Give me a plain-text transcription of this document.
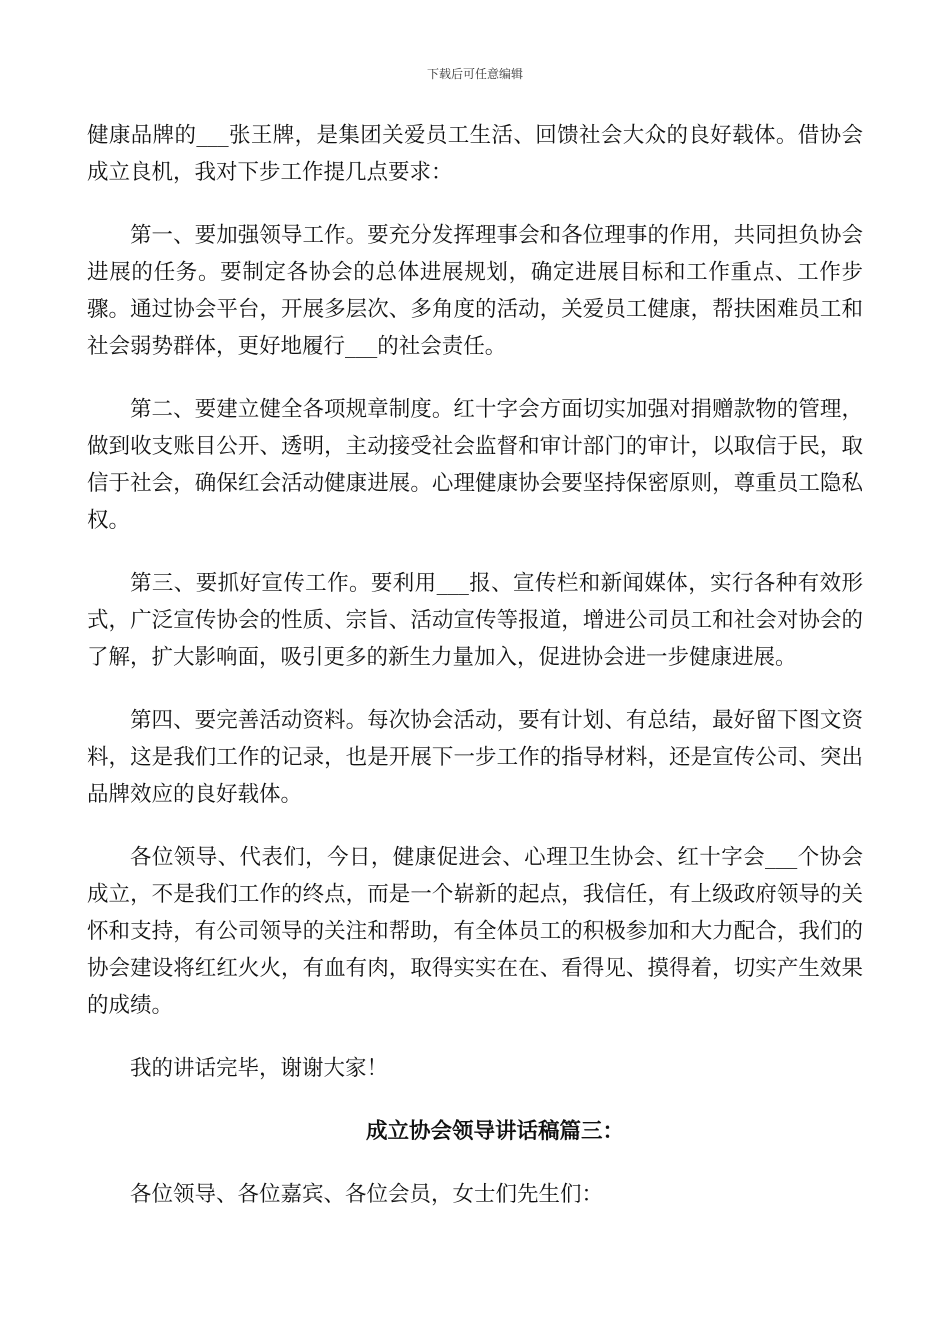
下载后可任意编辑

健康品牌的___张王牌，是集团关爱员工生活、回馈社会大众的良好载体。借协会成立良机，我对下步工作提几点要求：

第一、要加强领导工作。要充分发挥理事会和各位理事的作用，共同担负协会进展的任务。要制定各协会的总体进展规划，确定进展目标和工作重点、工作步骤。通过协会平台，开展多层次、多角度的活动，关爱员工健康，帮扶困难员工和社会弱势群体，更好地履行___的社会责任。

第二、要建立健全各项规章制度。红十字会方面切实加强对捐赠款物的管理，做到收支账目公开、透明，主动接受社会监督和审计部门的审计，以取信于民，取信于社会，确保红会活动健康进展。心理健康协会要坚持保密原则，尊重员工隐私权。

第三、要抓好宣传工作。要利用___报、宣传栏和新闻媒体，实行各种有效形式，广泛宣传协会的性质、宗旨、活动宣传等报道，增进公司员工和社会对协会的了解，扩大影响面，吸引更多的新生力量加入，促进协会进一步健康进展。

第四、要完善活动资料。每次协会活动，要有计划、有总结，最好留下图文资料，这是我们工作的记录，也是开展下一步工作的指导材料，还是宣传公司、突出品牌效应的良好载体。

各位领导、代表们，今日，健康促进会、心理卫生协会、红十字会___个协会成立，不是我们工作的终点，而是一个崭新的起点，我信任，有上级政府领导的关怀和支持，有公司领导的关注和帮助，有全体员工的积极参加和大力配合，我们的协会建设将红红火火，有血有肉，取得实实在在、看得见、摸得着，切实产生效果的成绩。

我的讲话完毕，谢谢大家！

成立协会领导讲话稿篇三：

各位领导、各位嘉宾、各位会员，女士们先生们：
